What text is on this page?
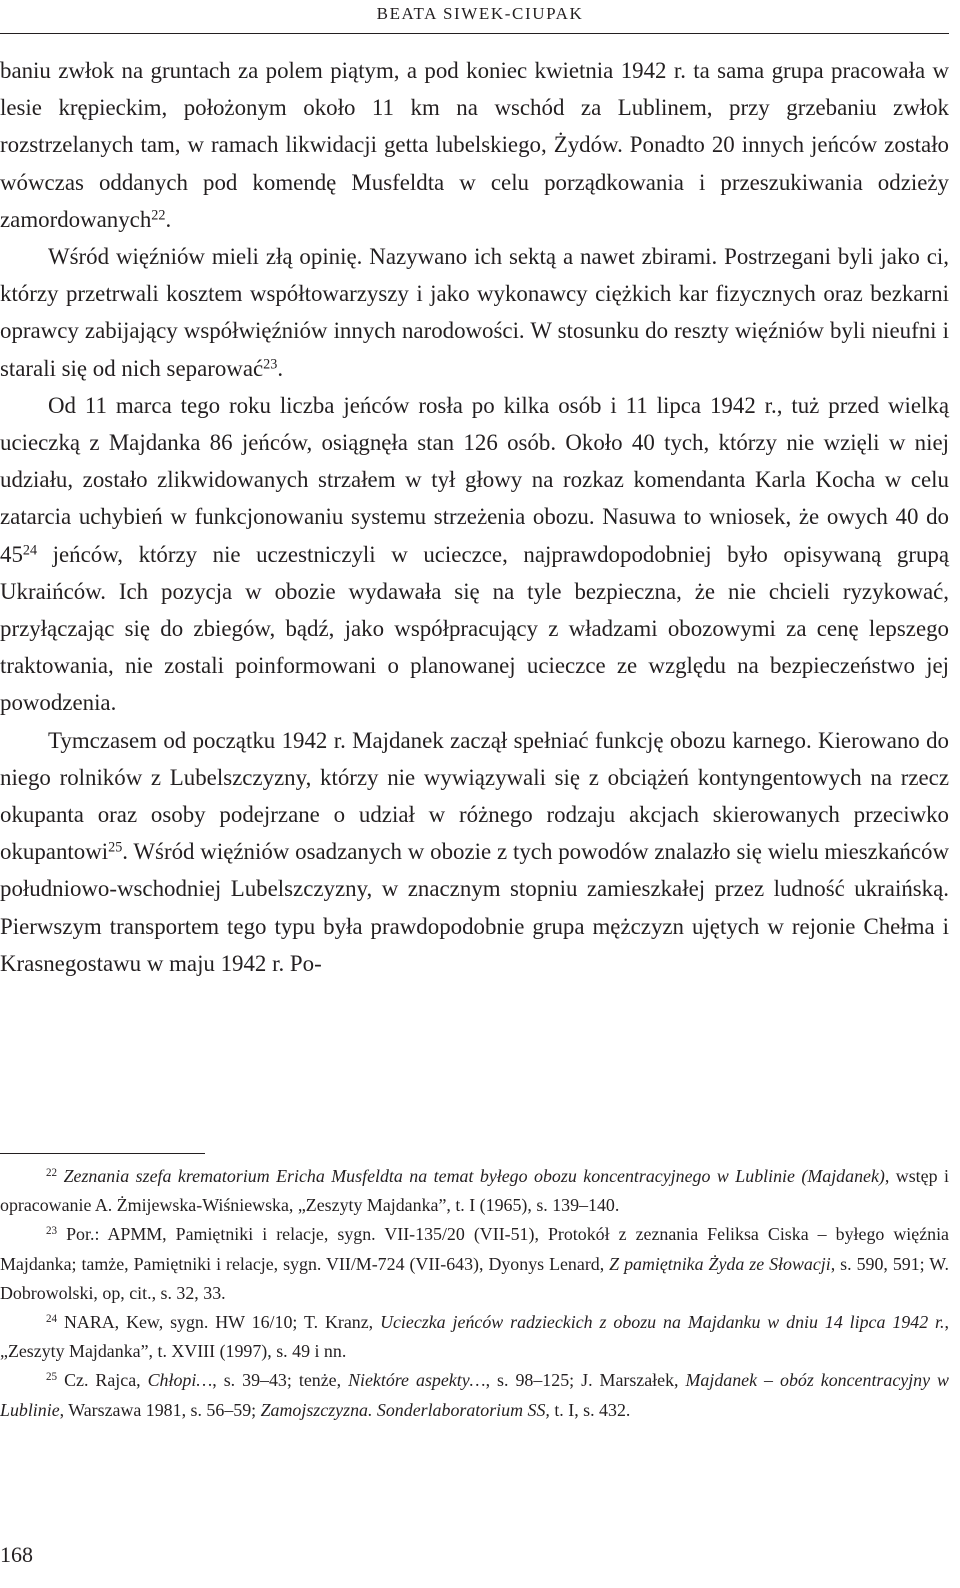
BEATA SIWEK-CIUPAK

baniu zwłok na gruntach za polem piątym, a pod koniec kwietnia 1942 r. ta sama grupa pracowała w lesie krępieckim, położonym około 11 km na wschód za Lublinem, przy grzebaniu zwłok rozstrzelanych tam, w ramach likwidacji getta lubelskiego, Żydów. Ponadto 20 innych jeńców zostało wówczas oddanych pod komendę Musfeldta w celu porządkowania i przeszukiwania odzieży zamordowanych$^{22}$.

Wśród więźniów mieli złą opinię. Nazywano ich sektą a nawet zbirami. Postrzegani byli jako ci, którzy przetrwali kosztem współtowarzyszy i jako wykonawcy ciężkich kar fizycznych oraz bezkarni oprawcy zabijający współwięźniów innych narodowości. W stosunku do reszty więźniów byli nieufni i starali się od nich separować$^{23}$.

Od 11 marca tego roku liczba jeńców rosła po kilka osób i 11 lipca 1942 r., tuż przed wielką ucieczką z Majdanka 86 jeńców, osiągnęła stan 126 osób. Około 40 tych, którzy nie wzięli w niej udziału, zostało zlikwidowanych strzałem w tył głowy na rozkaz komendanta Karla Kocha w celu zatarcia uchybień w funkcjonowaniu systemu strzeżenia obozu. Nasuwa to wniosek, że owych 40 do $45^{24}$ jeńców, którzy nie uczestniczyli w ucieczce, najprawdopodobniej było opisywaną grupą Ukraińców. Ich pozycja w obozie wydawała się na tyle bezpieczna, że nie chcieli ryzykować, przyłączając się do zbiegów, bądź, jako współpracujący z władzami obozowymi za cenę lepszego traktowania, nie zostali poinformowani o planowanej ucieczce ze względu na bezpieczeństwo jej powodzenia.

Tymczasem od początku 1942 r. Majdanek zaczął spełniać funkcję obozu karnego. Kierowano do niego rolników z Lubelszczyzny, którzy nie wywiązywali się z obciążeń kontyngentowych na rzecz okupanta oraz osoby podejrzane o udział w różnego rodzaju akcjach skierowanych przeciwko okupantowi$^{25}$. Wśród więźniów osadzanych w obozie z tych powodów znalazło się wielu mieszkańców południowo-wschodniej Lubelszczyzny, w znacznym stopniu zamieszkałej przez ludność ukraińską. Pierwszym transportem tego typu była prawdopodobnie grupa mężczyzn ujętych w rejonie Chełma i Krasnegostawu w maju 1942 r. Po-

$^{22}$ Zeznania szefa krematorium Ericha Musfeldta na temat byłego obozu koncentracyjnego w Lublinie (Majdanek), wstęp i opracowanie A. Żmijewska-Wiśniewska, „Zeszyty Majdanka”, t. I (1965), s. 139–140.

$^{23}$ Por.: APMM, Pamiętniki i relacje, sygn. VII-135/20 (VII-51), Protokół z zeznania Feliksa Ciska – byłego więźnia Majdanka; tamże, Pamiętniki i relacje, sygn. VII/M-724 (VII-643), Dyonys Lenard, Z pamiętnika Żyda ze Słowacji, s. 590, 591; W. Dobrowolski, op, cit., s. 32, 33.

$^{24}$ NARA, Kew, sygn. HW 16/10; T. Kranz, Ucieczka jeńców radzieckich z obozu na Majdanku w dniu 14 lipca 1942 r., „Zeszyty Majdanka”, t. XVIII (1997), s. 49 i nn.

$^{25}$ Cz. Rajca, Chłopi…, s. 39–43; tenże, Niektóre aspekty…, s. 98–125; J. Marszałek, Majdanek – obóz koncentracyjny w Lublinie, Warszawa 1981, s. 56–59; Zamojszczyzna. Sonderlaboratorium SS, t. I, s. 432.

168
